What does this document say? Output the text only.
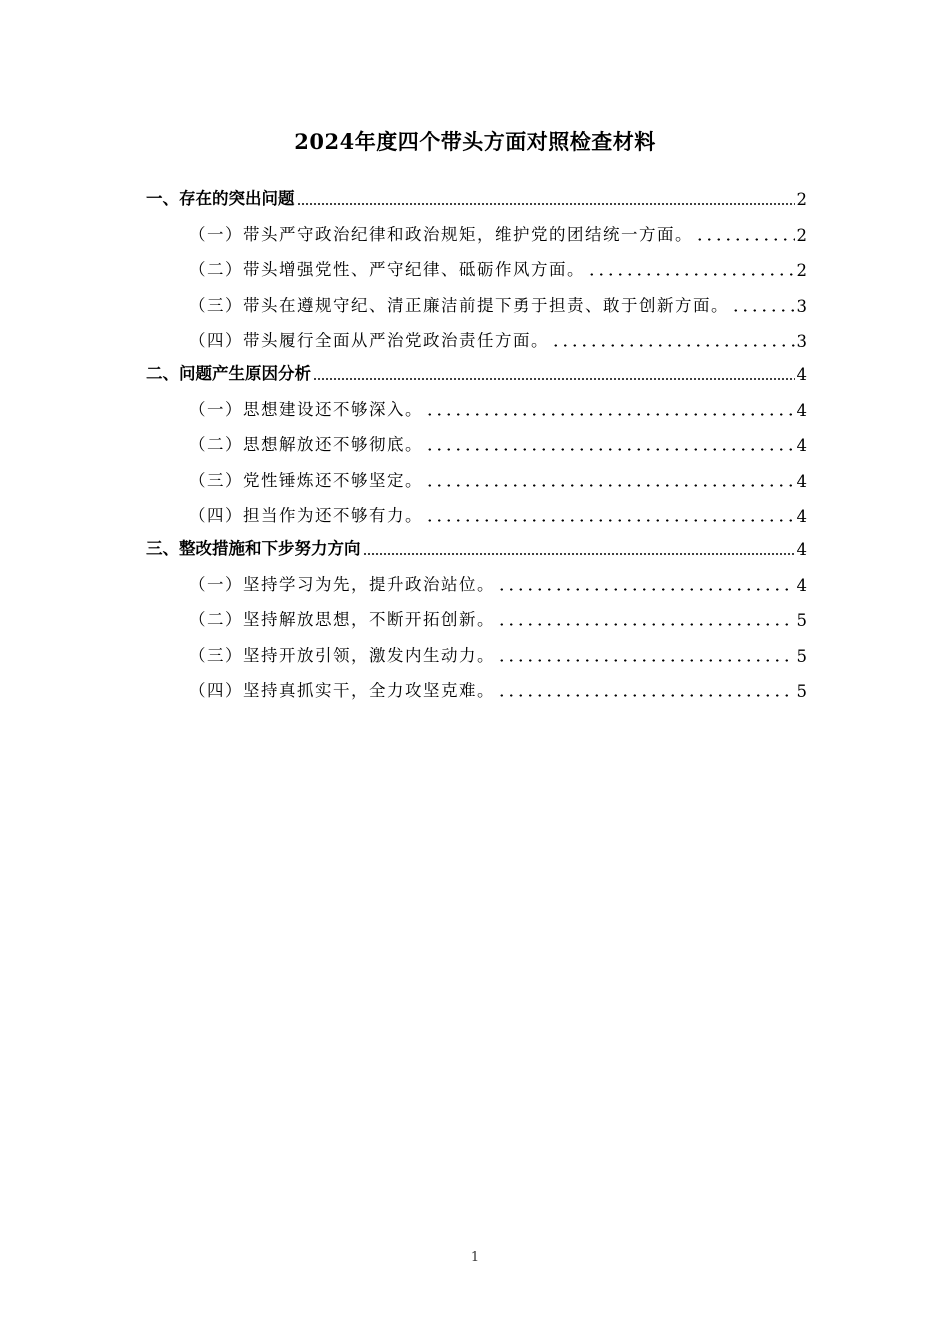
2024年度四个带头方面对照检查材料
一、存在的突出问题	2
（一）带头严守政治纪律和政治规矩，维护党的团结统一方面。	2
（二）带头增强党性、严守纪律、砥砺作风方面。	2
（三）带头在遵规守纪、清正廉洁前提下勇于担责、敢于创新方面。	3
（四）带头履行全面从严治党政治责任方面。	3
二、问题产生原因分析	4
（一）思想建设还不够深入。	4
（二）思想解放还不够彻底。	4
（三）党性锤炼还不够坚定。	4
（四）担当作为还不够有力。	4
三、整改措施和下步努力方向	4
（一）坚持学习为先，提升政治站位。	4
（二）坚持解放思想，不断开拓创新。	5
（三）坚持开放引领，激发内生动力。	5
（四）坚持真抓实干，全力攻坚克难。	5
1
